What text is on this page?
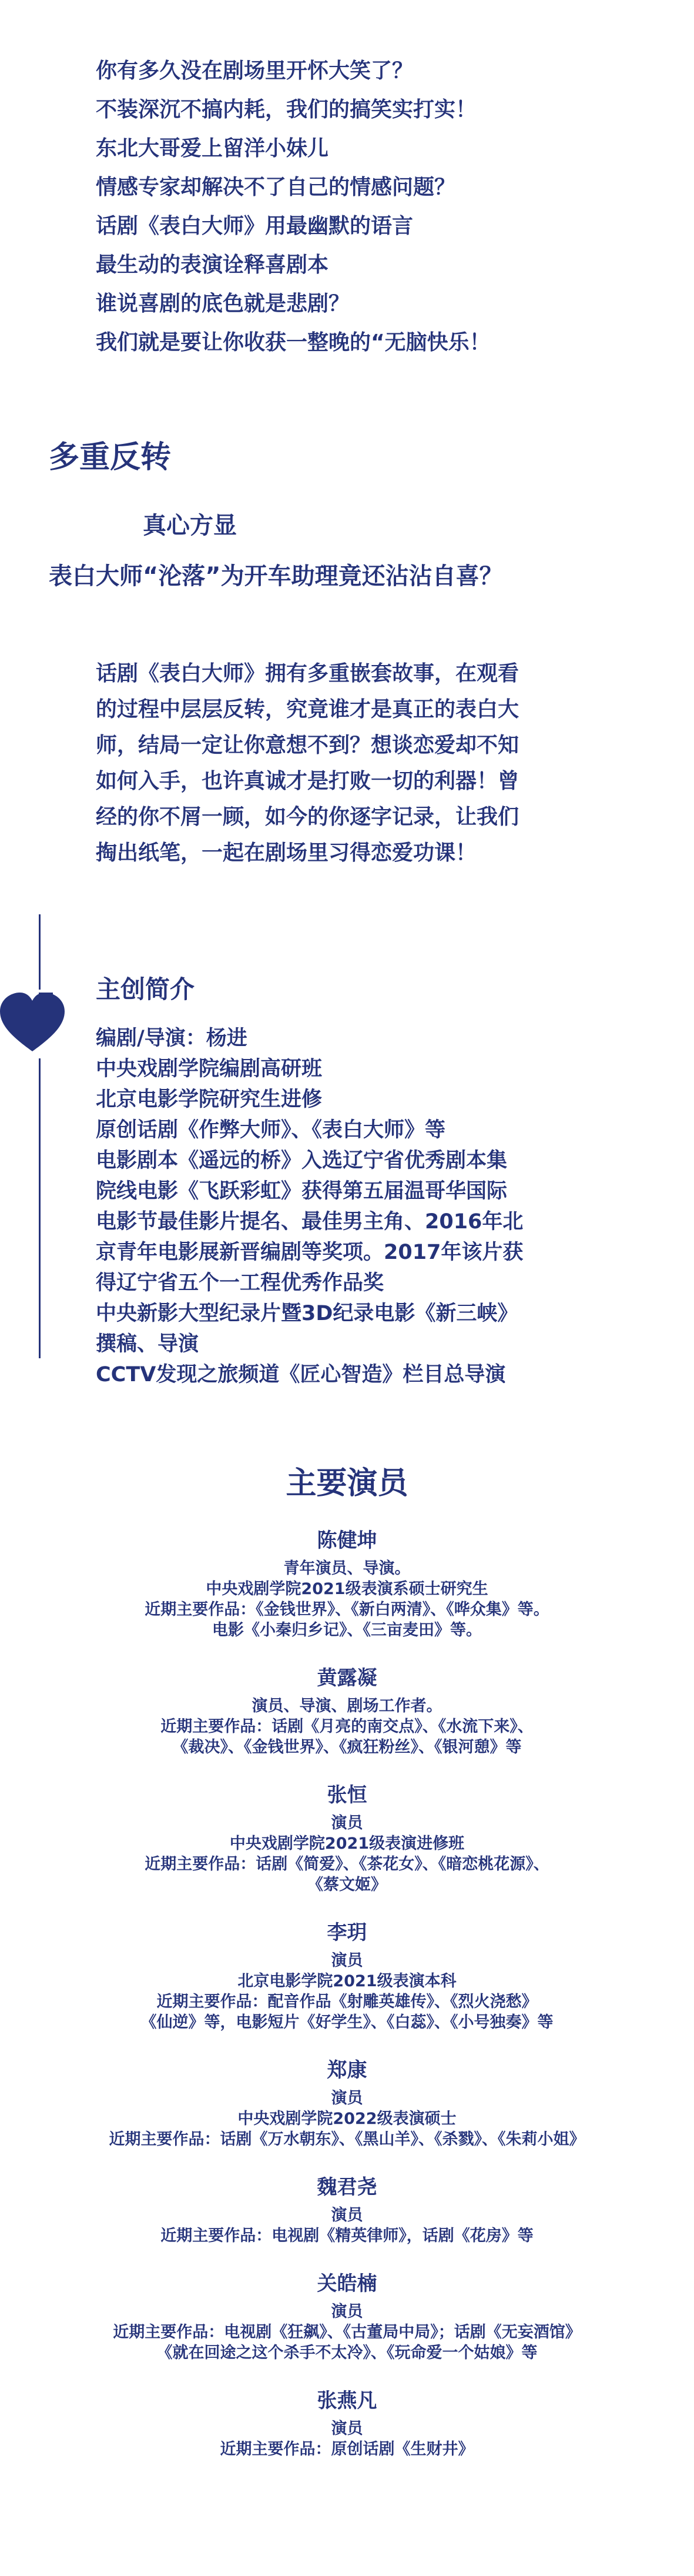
你有多久没在剧场里开怀大笑了？
不装深沉不搞内耗，我们的搞笑实打实！
东北大哥爱上留洋小妹儿
情感专家却解决不了自己的情感问题？
话剧《表白大师》用最幽默的语言
最生动的表演诠释喜剧本
谁说喜剧的底色就是悲剧？
我们就是要让你收获一整晚的“无脑快乐！
多重反转
真心方显
表白大师“沦落”为开车助理竟还沾沾自喜？
话剧《表白大师》拥有多重嵌套故事，在观看
的过程中层层反转，究竟谁才是真正的表白大
师，结局一定让你意想不到？想谈恋爱却不知
如何入手，也许真诚才是打败一切的利器！曾
经的你不屑一顾，如今的你逐字记录，让我们
掏出纸笔，一起在剧场里习得恋爱功课！
主创简介
编剧/导演：杨进
中央戏剧学院编剧高研班
北京电影学院研究生进修
原创话剧《作弊大师》、《表白大师》等
电影剧本《遥远的桥》入选辽宁省优秀剧本集
院线电影《飞跃彩虹》获得第五届温哥华国际
电影节最佳影片提名、最佳男主角、2016年北
京青年电影展新晋编剧等奖项。2017年该片获
得辽宁省五个一工程优秀作品奖
中央新影大型纪录片暨3D纪录电影《新三峡》
撰稿、导演
CCTV发现之旅频道《匠心智造》栏目总导演
主要演员
陈健坤
青年演员、导演。
中央戏剧学院2021级表演系硕士研究生
近期主要作品：《金钱世界》、《新白两清》、《哗众集》等。
电影《小秦归乡记》、《三亩麦田》等。
黄露凝
演员、导演、剧场工作者。
近期主要作品：话剧《月亮的南交点》、《水流下来》、
《裁决》、《金钱世界》、《疯狂粉丝》、《银河憩》等
张恒
演员
中央戏剧学院2021级表演进修班
近期主要作品：话剧《简爱》、《茶花女》、《暗恋桃花源》、
《蔡文姬》
李玥
演员
北京电影学院2021级表演本科
近期主要作品：配音作品《射雕英雄传》、《烈火浇愁》
《仙逆》等，电影短片《好学生》、《白蕊》、《小号独奏》等
郑康
演员
中央戏剧学院2022级表演硕士
近期主要作品：话剧《万水朝东》、《黑山羊》、《杀戮》、《朱莉小姐》
魏君尧
演员
近期主要作品：电视剧《精英律师》，话剧《花房》等
关皓楠
演员
近期主要作品：电视剧《狂飙》、《古董局中局》；话剧《无妄酒馆》
《就在回途之这个杀手不太冷》、《玩命爱一个姑娘》等
张燕凡
演员
近期主要作品：原创话剧《生财井》
